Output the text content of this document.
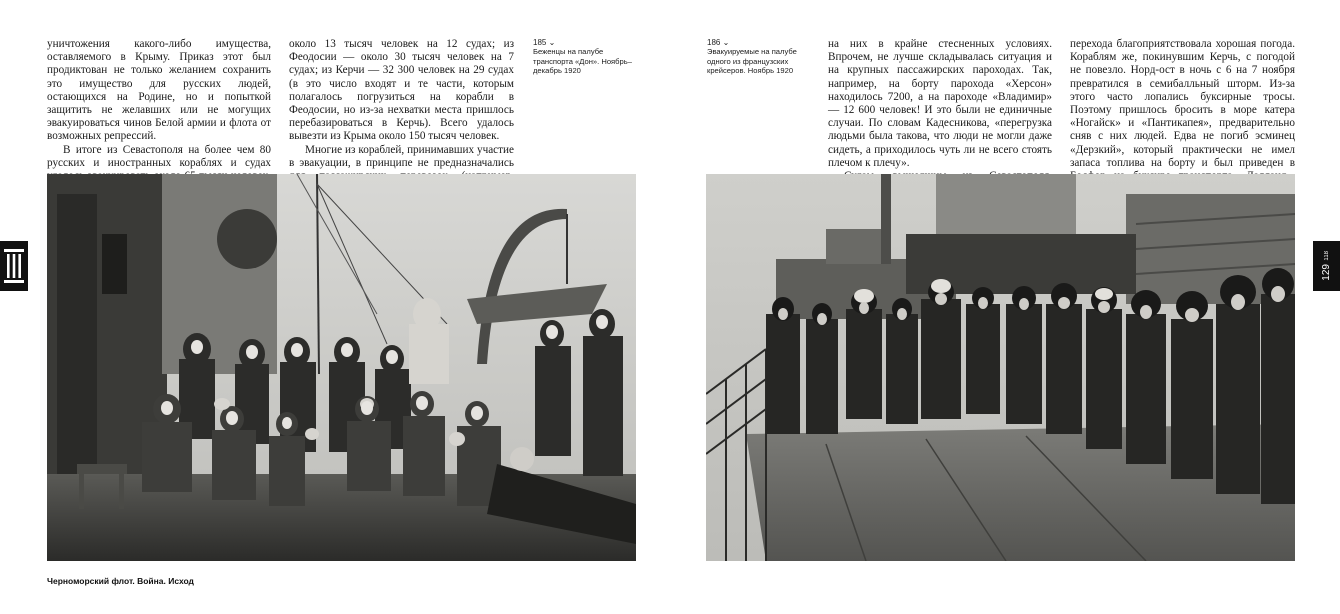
уничтожения какого-либо имущества, оставляемого в Крыму. Приказ этот был продиктован не только желанием сохранить это имущество для русских людей, остающихся на Родине, но и попыткой защитить не желавших или не могущих эвакуироваться чинов Белой армии и флота от возможных репрессий.

В итоге из Севастополя на более чем 80 русских и иностранных кораблях и судах

около 13 тысяч человек на 12 судах; из Феодосии — около 30 тысяч человек на 7 судах; из Керчи — 32 300 человек на 29 судах (в это число входят и те части, которым полагалось погрузиться на корабли в Феодосии, но из-за нехватки места пришлось перебазироваться в Керчь). Всего удалось вывезти из Крыма около 150 тысяч человек.

Многие из кораблей, принимавших участие в эвакуации, в принципе не предназначались

185 ⌄
Беженцы на палубе транспорта «Дон». Ноябрь–декабрь 1920
Черноморский флот. Война. Исход
186 ⌄
Эвакуируемые на палубе одного из французских крейсеров. Ноябрь 1920

на них в крайне стесненных условиях. Впрочем, не лучше складывалась ситуация и на крупных пассажирских пароходах. Так, например, на борту парохода «Херсон» находилось 7200, а на пароходе «Владимир» — 12 600 человек! И это были не единичные случаи. По словам Кадесникова, «перегрузка людьми была такова, что люди не могли даже сидеть, а приходилось чуть ли не всего стоять плечом к плечу».

перехода благоприятствовала хорошая погода. Кораблям же, покинувшим Керчь, с погодой не повезло. Норд-ост в ночь с 6 на 7 ноября превратился в семибалльный шторм. Из-за этого часто лопались буксирные тросы. Поэтому пришлось бросить в море катера «Ногайск» и «Пантикапея», предварительно сняв с них людей. Едва не погиб эсминец «Дерзкий», который практически не имел запаса топлива на борту и был приведен в

118
129
